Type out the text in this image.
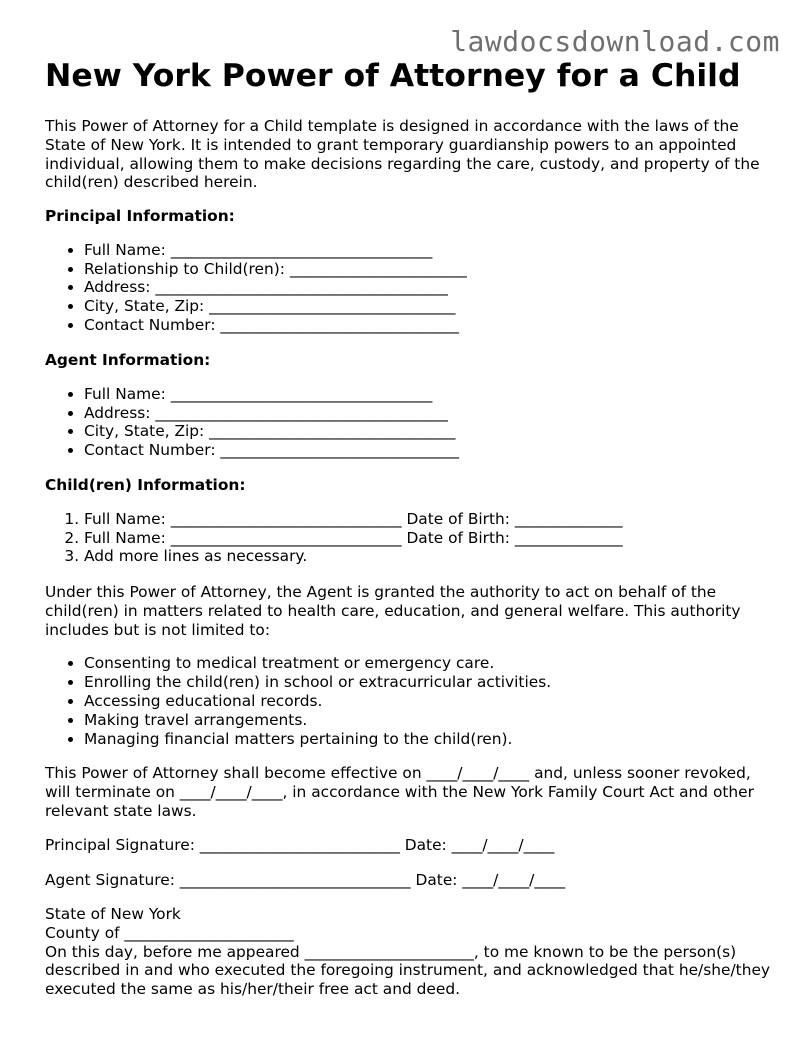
lawdocsdownload.com
New York Power of Attorney for a Child

This Power of Attorney for a Child template is designed in accordance with the laws of the State of New York. It is intended to grant temporary guardianship powers to an appointed individual, allowing them to make decisions regarding the care, custody, and property of the child(ren) described herein.

Principal Information:

• Full Name: __________________________________
• Relationship to Child(ren): _______________________
• Address: ______________________________________
• City, State, Zip: ________________________________
• Contact Number: _______________________________

Agent Information:

• Full Name: __________________________________
• Address: ______________________________________
• City, State, Zip: ________________________________
• Contact Number: _______________________________

Child(ren) Information:

1. Full Name: ______________________________ Date of Birth: ______________
2. Full Name: ______________________________ Date of Birth: ______________
3. Add more lines as necessary.

Under this Power of Attorney, the Agent is granted the authority to act on behalf of the child(ren) in matters related to health care, education, and general welfare. This authority includes but is not limited to:

• Consenting to medical treatment or emergency care.
• Enrolling the child(ren) in school or extracurricular activities.
• Accessing educational records.
• Making travel arrangements.
• Managing financial matters pertaining to the child(ren).

This Power of Attorney shall become effective on ____/____/____ and, unless sooner revoked, will terminate on ____/____/____, in accordance with the New York Family Court Act and other relevant state laws.

Principal Signature: __________________________ Date: ____/____/____

Agent Signature: ______________________________ Date: ____/____/____

State of New York

County of ______________________

On this day, before me appeared ______________________, to me known to be the person(s) described in and who executed the foregoing instrument, and acknowledged that he/she/they executed the same as his/her/their free act and deed.
